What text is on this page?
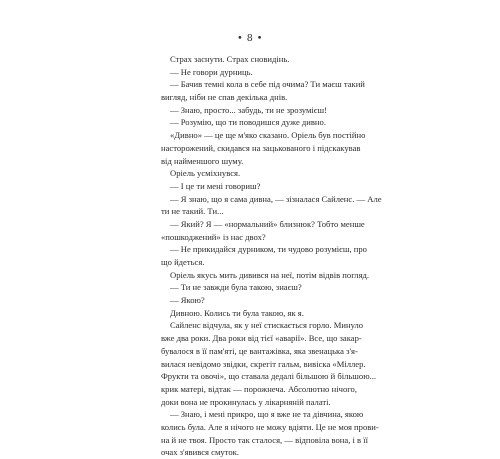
• 8 •
Страх заснути. Страх сновидінь.
— Не говори дурниць.
— Бачив темні кола в себе під очима? Ти маєш такий
вигляд, ніби не спав декілька днів.
— Знаю, просто... забудь, ти не зрозумієш!
— Розумію, що ти поводишся дуже дивно.
«Дивно» — це ще м'яко сказано. Оріель був постійно
насторожений, скидався на зацькованого і підскакував
від найменшого шуму.
Оріель усміхнувся.
— І це ти мені говориш?
— Я знаю, що я сама дивна, — зізналася Сайленс. — Але
ти не такий. Ти...
— Який? Я — «нормальний» близнюк? Тобто менше
«пошкоджений» із нас двох?
— Не прикидайся дурником, ти чудово розумієш, про
що йдеться.
Оріель якусь мить дивився на неї, потім відвів погляд.
— Ти не завжди була такою, знаєш?
— Якою?
Дивною. Колись ти була такою, як я.
Сайленс відчула, як у неї стискається горло. Минуло
вже два роки. Два роки від тієї «аварії». Все, що закар-
бувалося в її пам'яті, це вантажівка, яка звенацька з'я-
вилася невідомо звідки, скрегіт гальм, вивіска «Міллер.
Фрукти та овочі», що ставала дедалі більшою й більшою...
крик матері, відтак — порожнеча. Абсолютно нічого,
доки вона не прокинулась у лікарняній палаті.
— Знаю, і мені прикро, що я вже не та дівчина, якою
колись була. Але я нічого не можу вдіяти. Це не моя прови-
на й не твоя. Просто так сталося, — відповіла вона, і в її
очах з'явився смуток.
